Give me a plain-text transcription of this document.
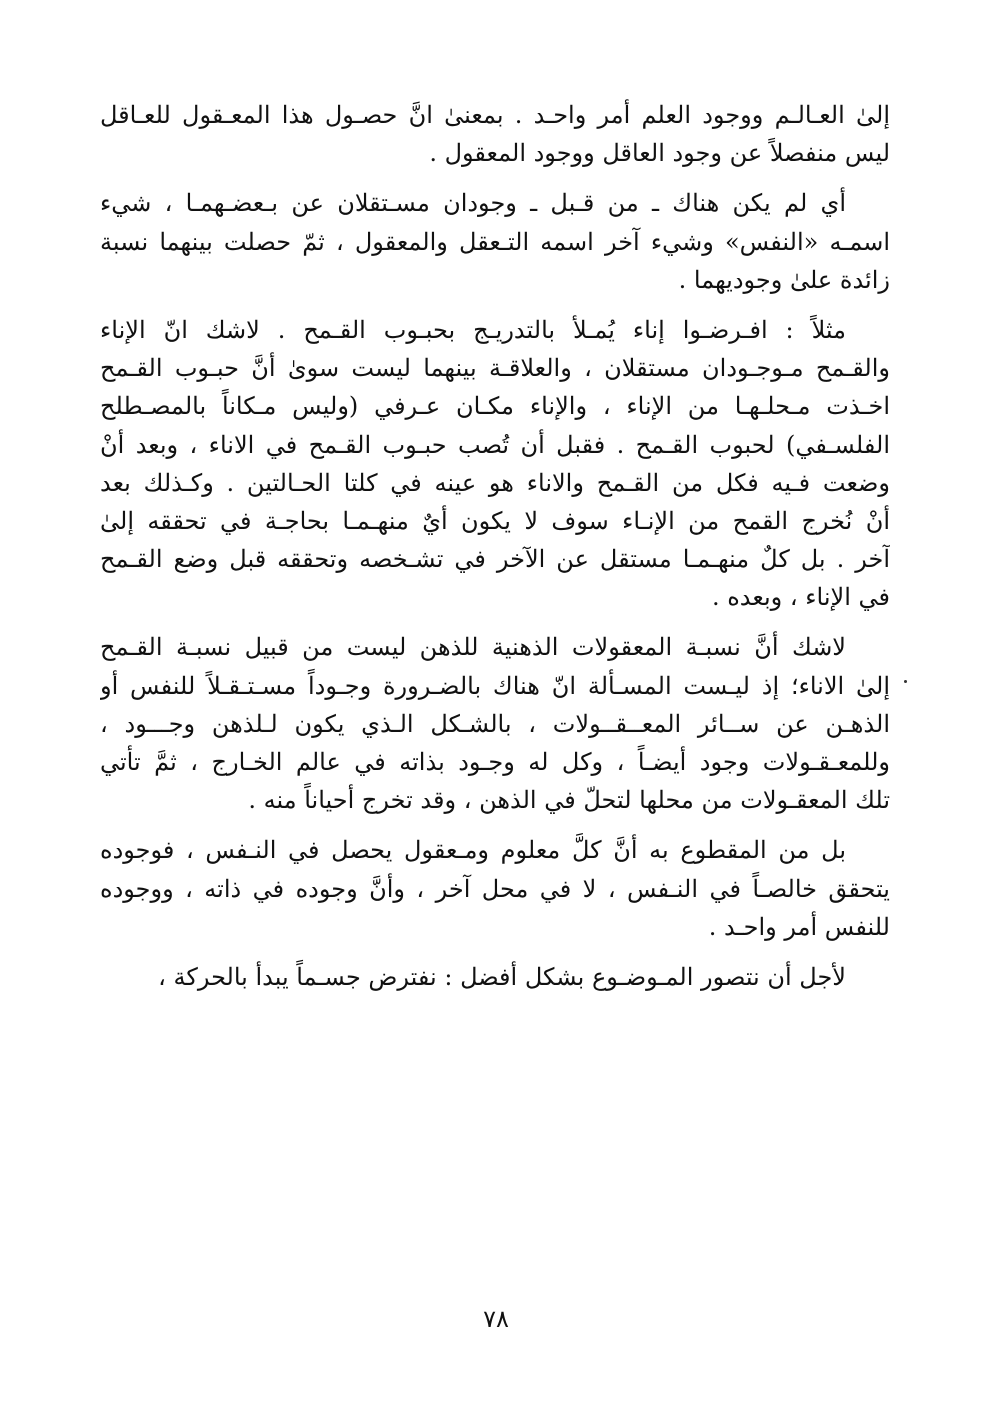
إلىٰ العـالـم ووجود العلم أمر واحـد . بمعنىٰ انَّ حصـول هذا المعـقول للعـاقل
ليس منفصلاً عن وجود العاقل ووجود المعقول .
أي لم يكن هناك ـ من قـبل ـ وجودان مسـتقلان عن بـعضـهمـا ، شيء
اسمـه «النفس» وشيء آخر اسمه التـعقل والمعقول ، ثمّ حصلت بينهما نسبة
زائدة علىٰ وجوديهما .
مثلاً : افـرضـوا إناء يُمـلأ بالتدريـج بحبـوب القـمح . لاشك انّ الإناء
والقـمح مـوجـودان مستقلان ، والعلاقـة بينهما ليست سوىٰ أنَّ حبـوب القـمح
اخـذت مـحلـهـا من الإناء ، والإناء مكـان عـرفي (وليس مـكاناً بالمصـطلح
الفلسـفي) لحبوب القـمح . فقبل أن تُصب حبـوب القـمح في الاناء ، وبعد أنْ
وضعت فـيه فكل من القـمح والاناء هو عينه في كلتا الحـالتين . وكـذلك بعد
أنْ نُخرج القمح من الإنـاء سوف لا يكون أيٌ منهـمـا بحاجـة في تحققه إلىٰ
آخر . بل كلٌ منهـمـا مستقل عن الآخر في تشـخصه وتحققه قبل وضع القـمح
في الإناء ، وبعده .
لاشك أنَّ نسبـة المعقولات الذهنية للذهن ليست من قبيل نسبـة القـمح
إلىٰ الاناء؛ إذ ليـست المسـألة انّ هناك بالضـرورة وجـوداً مسـتـقـلاً للنفس أو
الذهـن عن ســائر المعــقــولات ، بالشـكل الـذي يكون لـلذهن وجـــود ،
وللمعـقـولات وجود أيضـاً ، وكل له وجـود بذاته في عالم الخـارج ، ثمَّ تأتي
تلك المعقـولات من محلها لتحلّ في الذهن ، وقد تخرج أحياناً منه .
بل من المقطوع به أنَّ كلَّ معلوم ومـعقول يحصل في النـفس ، فوجوده
يتحقق خالصـاً في النـفس ، لا في محل آخر ، وأنَّ وجوده في ذاته ، ووجوده
للنفس أمر واحـد .
لأجل أن نتصور المـوضـوع بشكل أفضل : نفترض جسـماً يبدأ بالحركة ،
٧٨
